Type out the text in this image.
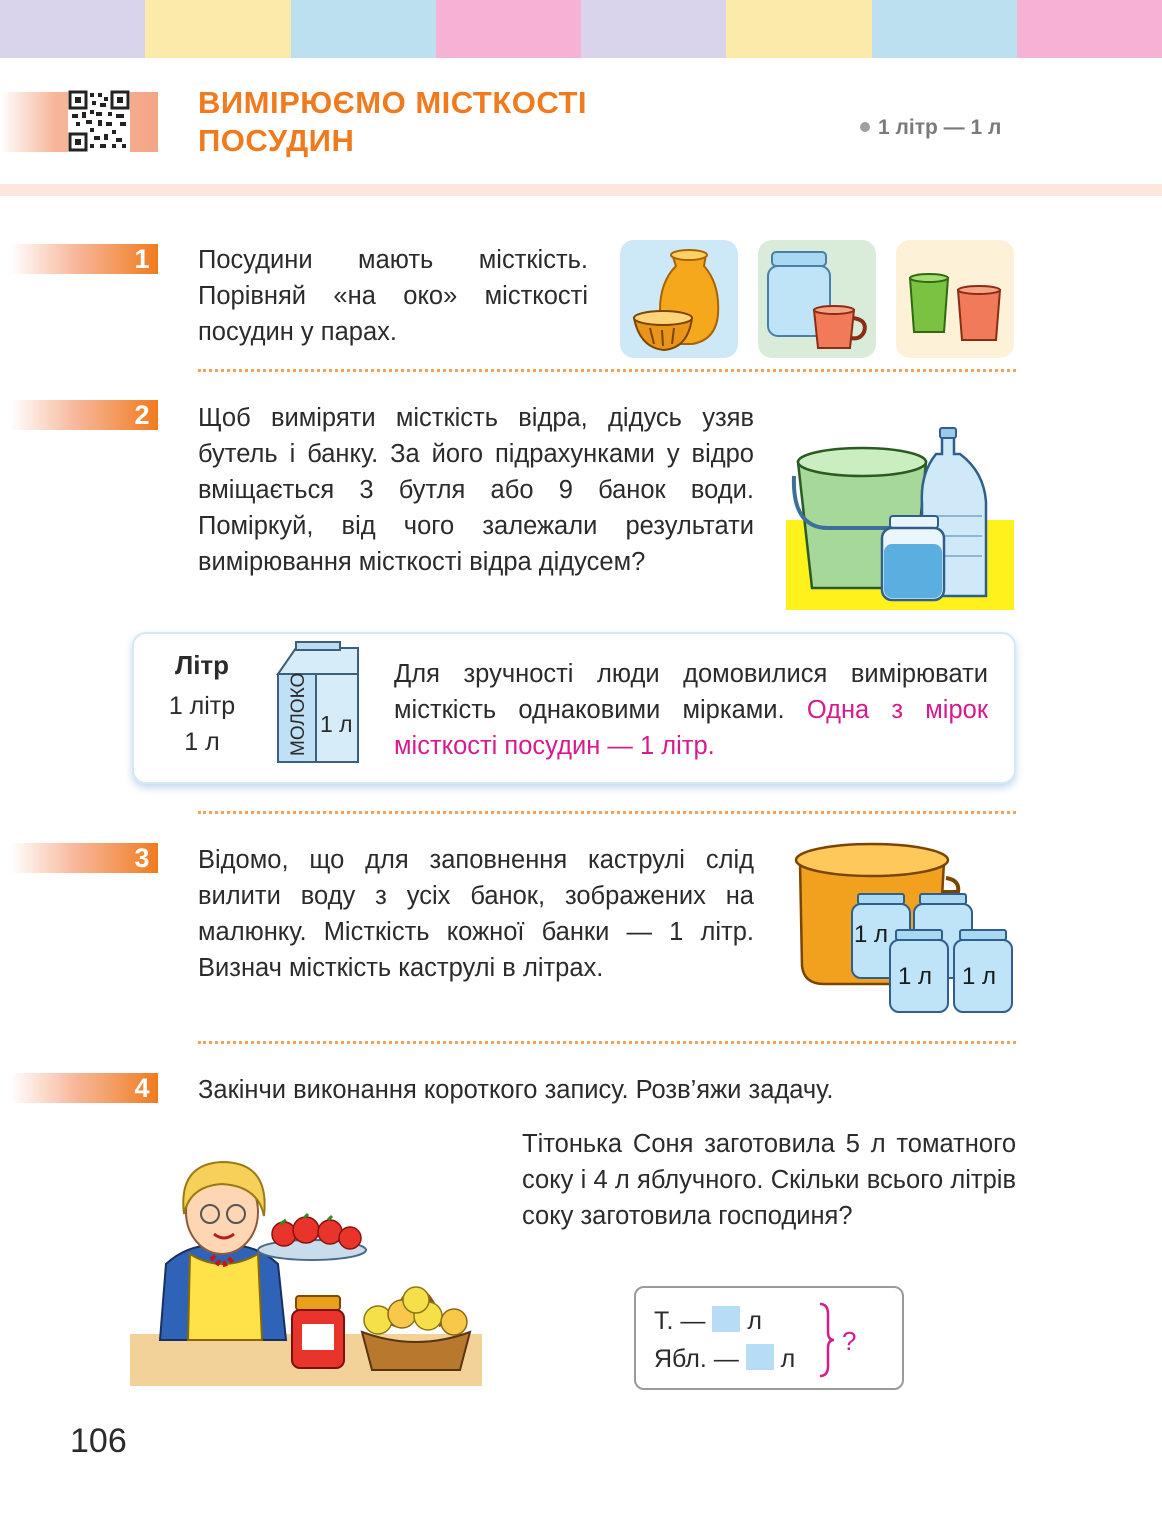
ВИМІРЮЄМО МІСТКОСТІ
ПОСУДИН	1 літр — 1 л
1 Посудини мають місткість. Порівняй «на око» місткості посудин у парах.
2 Щоб виміряти місткість відра, дідусь узяв бутель і банку. За його підрахунками у відро вміщається 3 бутля або 9 банок води. Поміркуй, від чого залежали результати вимірювання місткості відра дідусем?
Літр
1 літр
1 л	МОЛОКО 1 л
Для зручності люди домовилися вимірювати місткість однаковими мірками. Одна з мірок місткості посудин — 1 літр.
3 Відомо, що для заповнення каструлі слід вилити воду з усіх банок, зображених на малюнку. Місткість кожної банки — 1 літр. Визнач місткість каструлі в літрах.
1 л
1 л 1 л
4 Закінчи виконання короткого запису. Розв’яжи задачу.
Тітонька Соня заготовила 5 л томатного соку і 4 л яблучного. Скільки всього літрів соку заготовила господиня?
Т. — л
Ябл. — л
?
106
